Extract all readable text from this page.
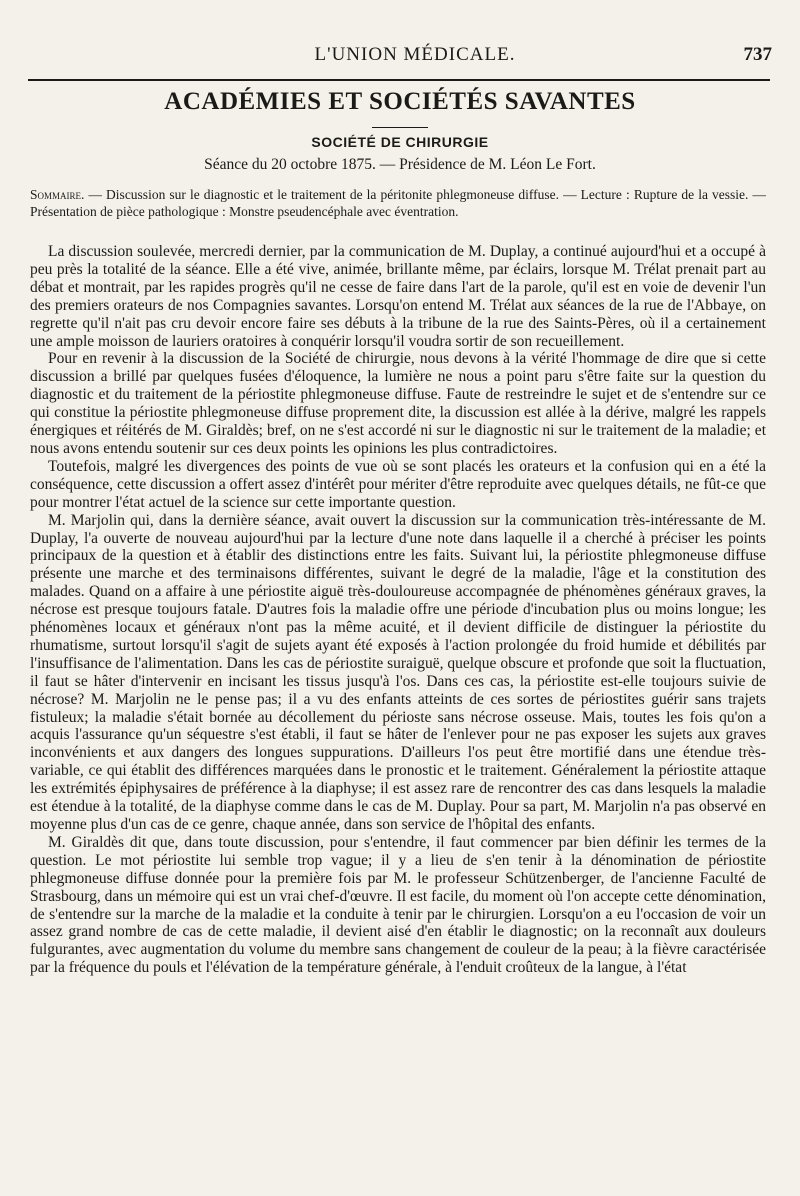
L'UNION MÉDICALE.	737
ACADÉMIES ET SOCIÉTÉS SAVANTES
SOCIÉTÉ DE CHIRURGIE
Séance du 20 octobre 1875. — Présidence de M. Léon Le Fort.
Sommaire. — Discussion sur le diagnostic et le traitement de la péritonite phlegmoneuse diffuse. — Lecture : Rupture de la vessie. — Présentation de pièce pathologique : Monstre pseudencéphale avec éventration.

La discussion soulevée, mercredi dernier, par la communication de M. Duplay, a continué aujourd'hui et a occupé à peu près la totalité de la séance. Elle a été vive, animée, brillante même, par éclairs, lorsque M. Trélat prenait part au débat et montrait, par les rapides progrès qu'il ne cesse de faire dans l'art de la parole, qu'il est en voie de devenir l'un des premiers orateurs de nos Compagnies savantes. Lorsqu'on entend M. Trélat aux séances de la rue de l'Abbaye, on regrette qu'il n'ait pas cru devoir encore faire ses débuts à la tribune de la rue des Saints-Pères, où il a certainement une ample moisson de lauriers oratoires à conquérir lorsqu'il voudra sortir de son recueillement.

Pour en revenir à la discussion de la Société de chirurgie, nous devons à la vérité l'hommage de dire que si cette discussion a brillé par quelques fusées d'éloquence, la lumière ne nous a point paru s'être faite sur la question du diagnostic et du traitement de la périostite phlegmoneuse diffuse. Faute de restreindre le sujet et de s'entendre sur ce qui constitue la périostite phlegmoneuse diffuse proprement dite, la discussion est allée à la dérive, malgré les rappels énergiques et réitérés de M. Giraldès; bref, on ne s'est accordé ni sur le diagnostic ni sur le traitement de la maladie; et nous avons entendu soutenir sur ces deux points les opinions les plus contradictoires.

Toutefois, malgré les divergences des points de vue où se sont placés les orateurs et la confusion qui en a été la conséquence, cette discussion a offert assez d'intérêt pour mériter d'être reproduite avec quelques détails, ne fût-ce que pour montrer l'état actuel de la science sur cette importante question.

M. Marjolin qui, dans la dernière séance, avait ouvert la discussion sur la communication très-intéressante de M. Duplay, l'a ouverte de nouveau aujourd'hui par la lecture d'une note dans laquelle il a cherché à préciser les points principaux de la question et à établir des distinctions entre les faits. Suivant lui, la périostite phlegmoneuse diffuse présente une marche et des terminaisons différentes, suivant le degré de la maladie, l'âge et la constitution des malades. Quand on a affaire à une périostite aiguë très-douloureuse accompagnée de phénomènes généraux graves, la nécrose est presque toujours fatale. D'autres fois la maladie offre une période d'incubation plus ou moins longue; les phénomènes locaux et généraux n'ont pas la même acuité, et il devient difficile de distinguer la périostite du rhumatisme, surtout lorsqu'il s'agit de sujets ayant été exposés à l'action prolongée du froid humide et débilités par l'insuffisance de l'alimentation. Dans les cas de périostite suraiguë, quelque obscure et profonde que soit la fluctuation, il faut se hâter d'intervenir en incisant les tissus jusqu'à l'os. Dans ces cas, la périostite est-elle toujours suivie de nécrose? M. Marjolin ne le pense pas; il a vu des enfants atteints de ces sortes de périostites guérir sans trajets fistuleux; la maladie s'était bornée au décollement du périoste sans nécrose osseuse. Mais, toutes les fois qu'on a acquis l'assurance qu'un séquestre s'est établi, il faut se hâter de l'enlever pour ne pas exposer les sujets aux graves inconvénients et aux dangers des longues suppurations. D'ailleurs l'os peut être mortifié dans une étendue très-variable, ce qui établit des différences marquées dans le pronostic et le traitement. Généralement la périostite attaque les extrémités épiphysaires de préférence à la diaphyse; il est assez rare de rencontrer des cas dans lesquels la maladie est étendue à la totalité, de la diaphyse comme dans le cas de M. Duplay. Pour sa part, M. Marjolin n'a pas observé en moyenne plus d'un cas de ce genre, chaque année, dans son service de l'hôpital des enfants.

M. Giraldès dit que, dans toute discussion, pour s'entendre, il faut commencer par bien définir les termes de la question. Le mot périostite lui semble trop vague; il y a lieu de s'en tenir à la dénomination de périostite phlegmoneuse diffuse donnée pour la première fois par M. le professeur Schützenberger, de l'ancienne Faculté de Strasbourg, dans un mémoire qui est un vrai chef-d'œuvre. Il est facile, du moment où l'on accepte cette dénomination, de s'entendre sur la marche de la maladie et la conduite à tenir par le chirurgien. Lorsqu'on a eu l'occasion de voir un assez grand nombre de cas de cette maladie, il devient aisé d'en établir le diagnostic; on la reconnaît aux douleurs fulgurantes, avec augmentation du volume du membre sans changement de couleur de la peau; à la fièvre caractérisée par la fréquence du pouls et l'élévation de la température générale, à l'enduit croûteux de la langue, à l'état
